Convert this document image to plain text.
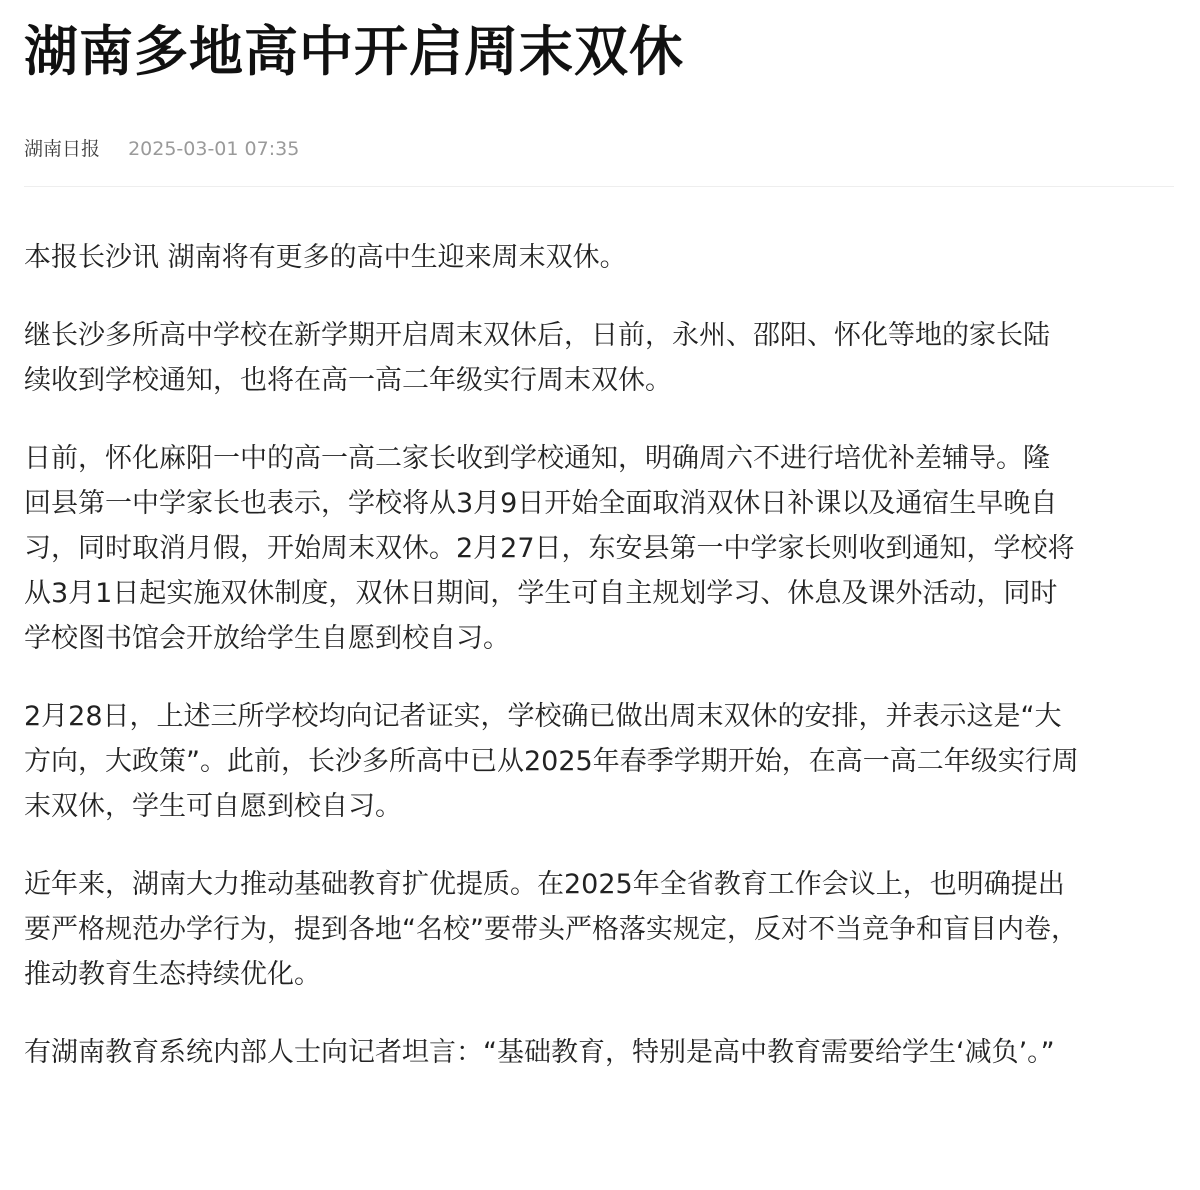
湖南多地高中开启周末双休
湖南日报 2025-03-01 07:35

本报长沙讯 湖南将有更多的高中生迎来周末双休。

继长沙多所高中学校在新学期开启周末双休后，日前，永州、邵阳、怀化等地的家长陆
续收到学校通知，也将在高一高二年级实行周末双休。

日前，怀化麻阳一中的高一高二家长收到学校通知，明确周六不进行培优补差辅导。隆
回县第一中学家长也表示，学校将从3月9日开始全面取消双休日补课以及通宿生早晚自
习，同时取消月假，开始周末双休。2月27日，东安县第一中学家长则收到通知，学校将
从3月1日起实施双休制度，双休日期间，学生可自主规划学习、休息及课外活动，同时
学校图书馆会开放给学生自愿到校自习。

2月28日，上述三所学校均向记者证实，学校确已做出周末双休的安排，并表示这是“大
方向，大政策”。此前，长沙多所高中已从2025年春季学期开始，在高一高二年级实行周
末双休，学生可自愿到校自习。

近年来，湖南大力推动基础教育扩优提质。在2025年全省教育工作会议上，也明确提出
要严格规范办学行为，提到各地“名校”要带头严格落实规定，反对不当竞争和盲目内卷，
推动教育生态持续优化。

有湖南教育系统内部人士向记者坦言：“基础教育，特别是高中教育需要给学生‘减负’。”
